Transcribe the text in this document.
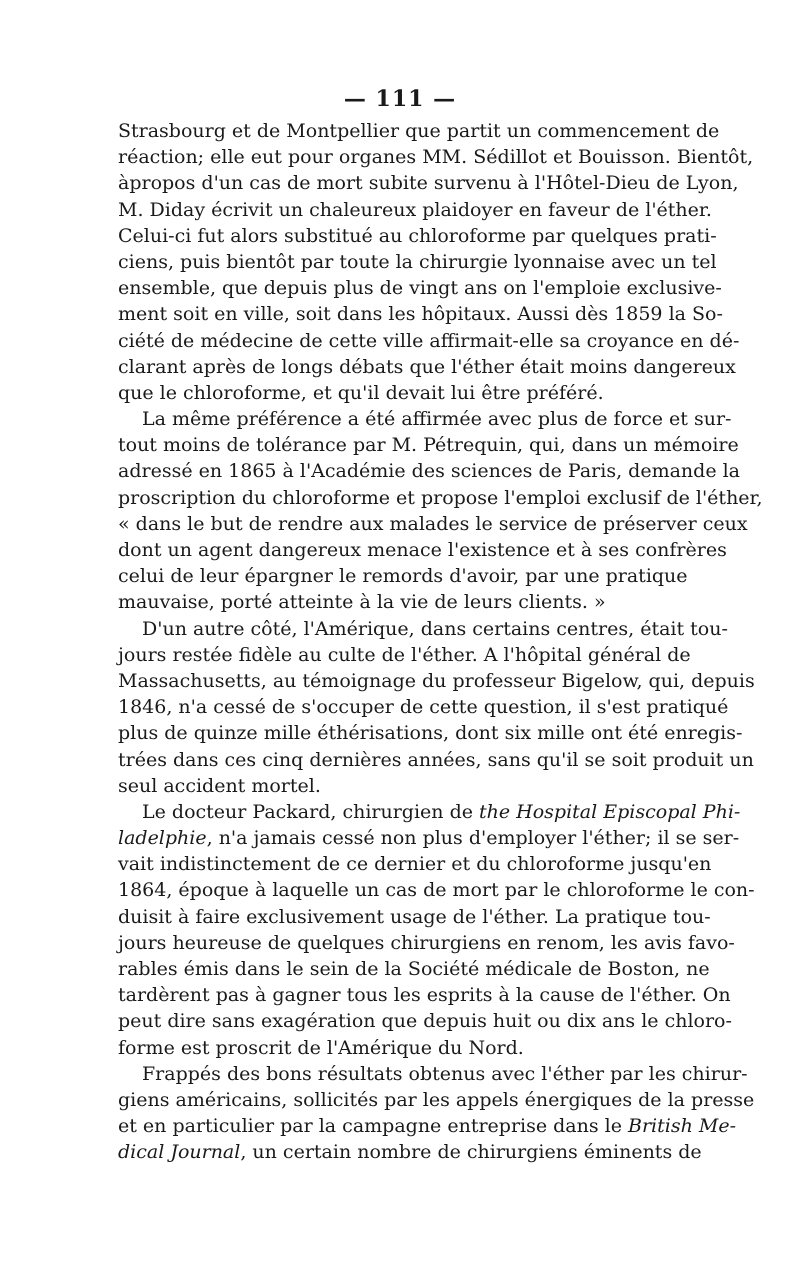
— 111 —
Strasbourg et de Montpellier que partit un commencement de
réaction; elle eut pour organes MM. Sédillot et Bouisson. Bientôt,
àpropos d'un cas de mort subite survenu à l'Hôtel-Dieu de Lyon,
M. Diday écrivit un chaleureux plaidoyer en faveur de l'éther.
Celui-ci fut alors substitué au chloroforme par quelques prati-
ciens, puis bientôt par toute la chirurgie lyonnaise avec un tel
ensemble, que depuis plus de vingt ans on l'emploie exclusive-
ment soit en ville, soit dans les hôpitaux. Aussi dès 1859 la So-
ciété de médecine de cette ville affirmait-elle sa croyance en dé-
clarant après de longs débats que l'éther était moins dangereux
que le chloroforme, et qu'il devait lui être préféré.
La même préférence a été affirmée avec plus de force et sur-
tout moins de tolérance par M. Pétrequin, qui, dans un mémoire
adressé en 1865 à l'Académie des sciences de Paris, demande la
proscription du chloroforme et propose l'emploi exclusif de l'éther,
« dans le but de rendre aux malades le service de préserver ceux
dont un agent dangereux menace l'existence et à ses confrères
celui de leur épargner le remords d'avoir, par une pratique
mauvaise, porté atteinte à la vie de leurs clients. »
D'un autre côté, l'Amérique, dans certains centres, était tou-
jours restée fidèle au culte de l'éther. A l'hôpital général de
Massachusetts, au témoignage du professeur Bigelow, qui, depuis
1846, n'a cessé de s'occuper de cette question, il s'est pratiqué
plus de quinze mille éthérisations, dont six mille ont été enregis-
trées dans ces cinq dernières années, sans qu'il se soit produit un
seul accident mortel.
Le docteur Packard, chirurgien de the Hospital Episcopal Phi-
ladelphie, n'a jamais cessé non plus d'employer l'éther; il se ser-
vait indistinctement de ce dernier et du chloroforme jusqu'en
1864, époque à laquelle un cas de mort par le chloroforme le con-
duisit à faire exclusivement usage de l'éther. La pratique tou-
jours heureuse de quelques chirurgiens en renom, les avis favo-
rables émis dans le sein de la Société médicale de Boston, ne
tardèrent pas à gagner tous les esprits à la cause de l'éther. On
peut dire sans exagération que depuis huit ou dix ans le chloro-
forme est proscrit de l'Amérique du Nord.
Frappés des bons résultats obtenus avec l'éther par les chirur-
giens américains, sollicités par les appels énergiques de la presse
et en particulier par la campagne entreprise dans le British Me-
dical Journal, un certain nombre de chirurgiens éminents de
